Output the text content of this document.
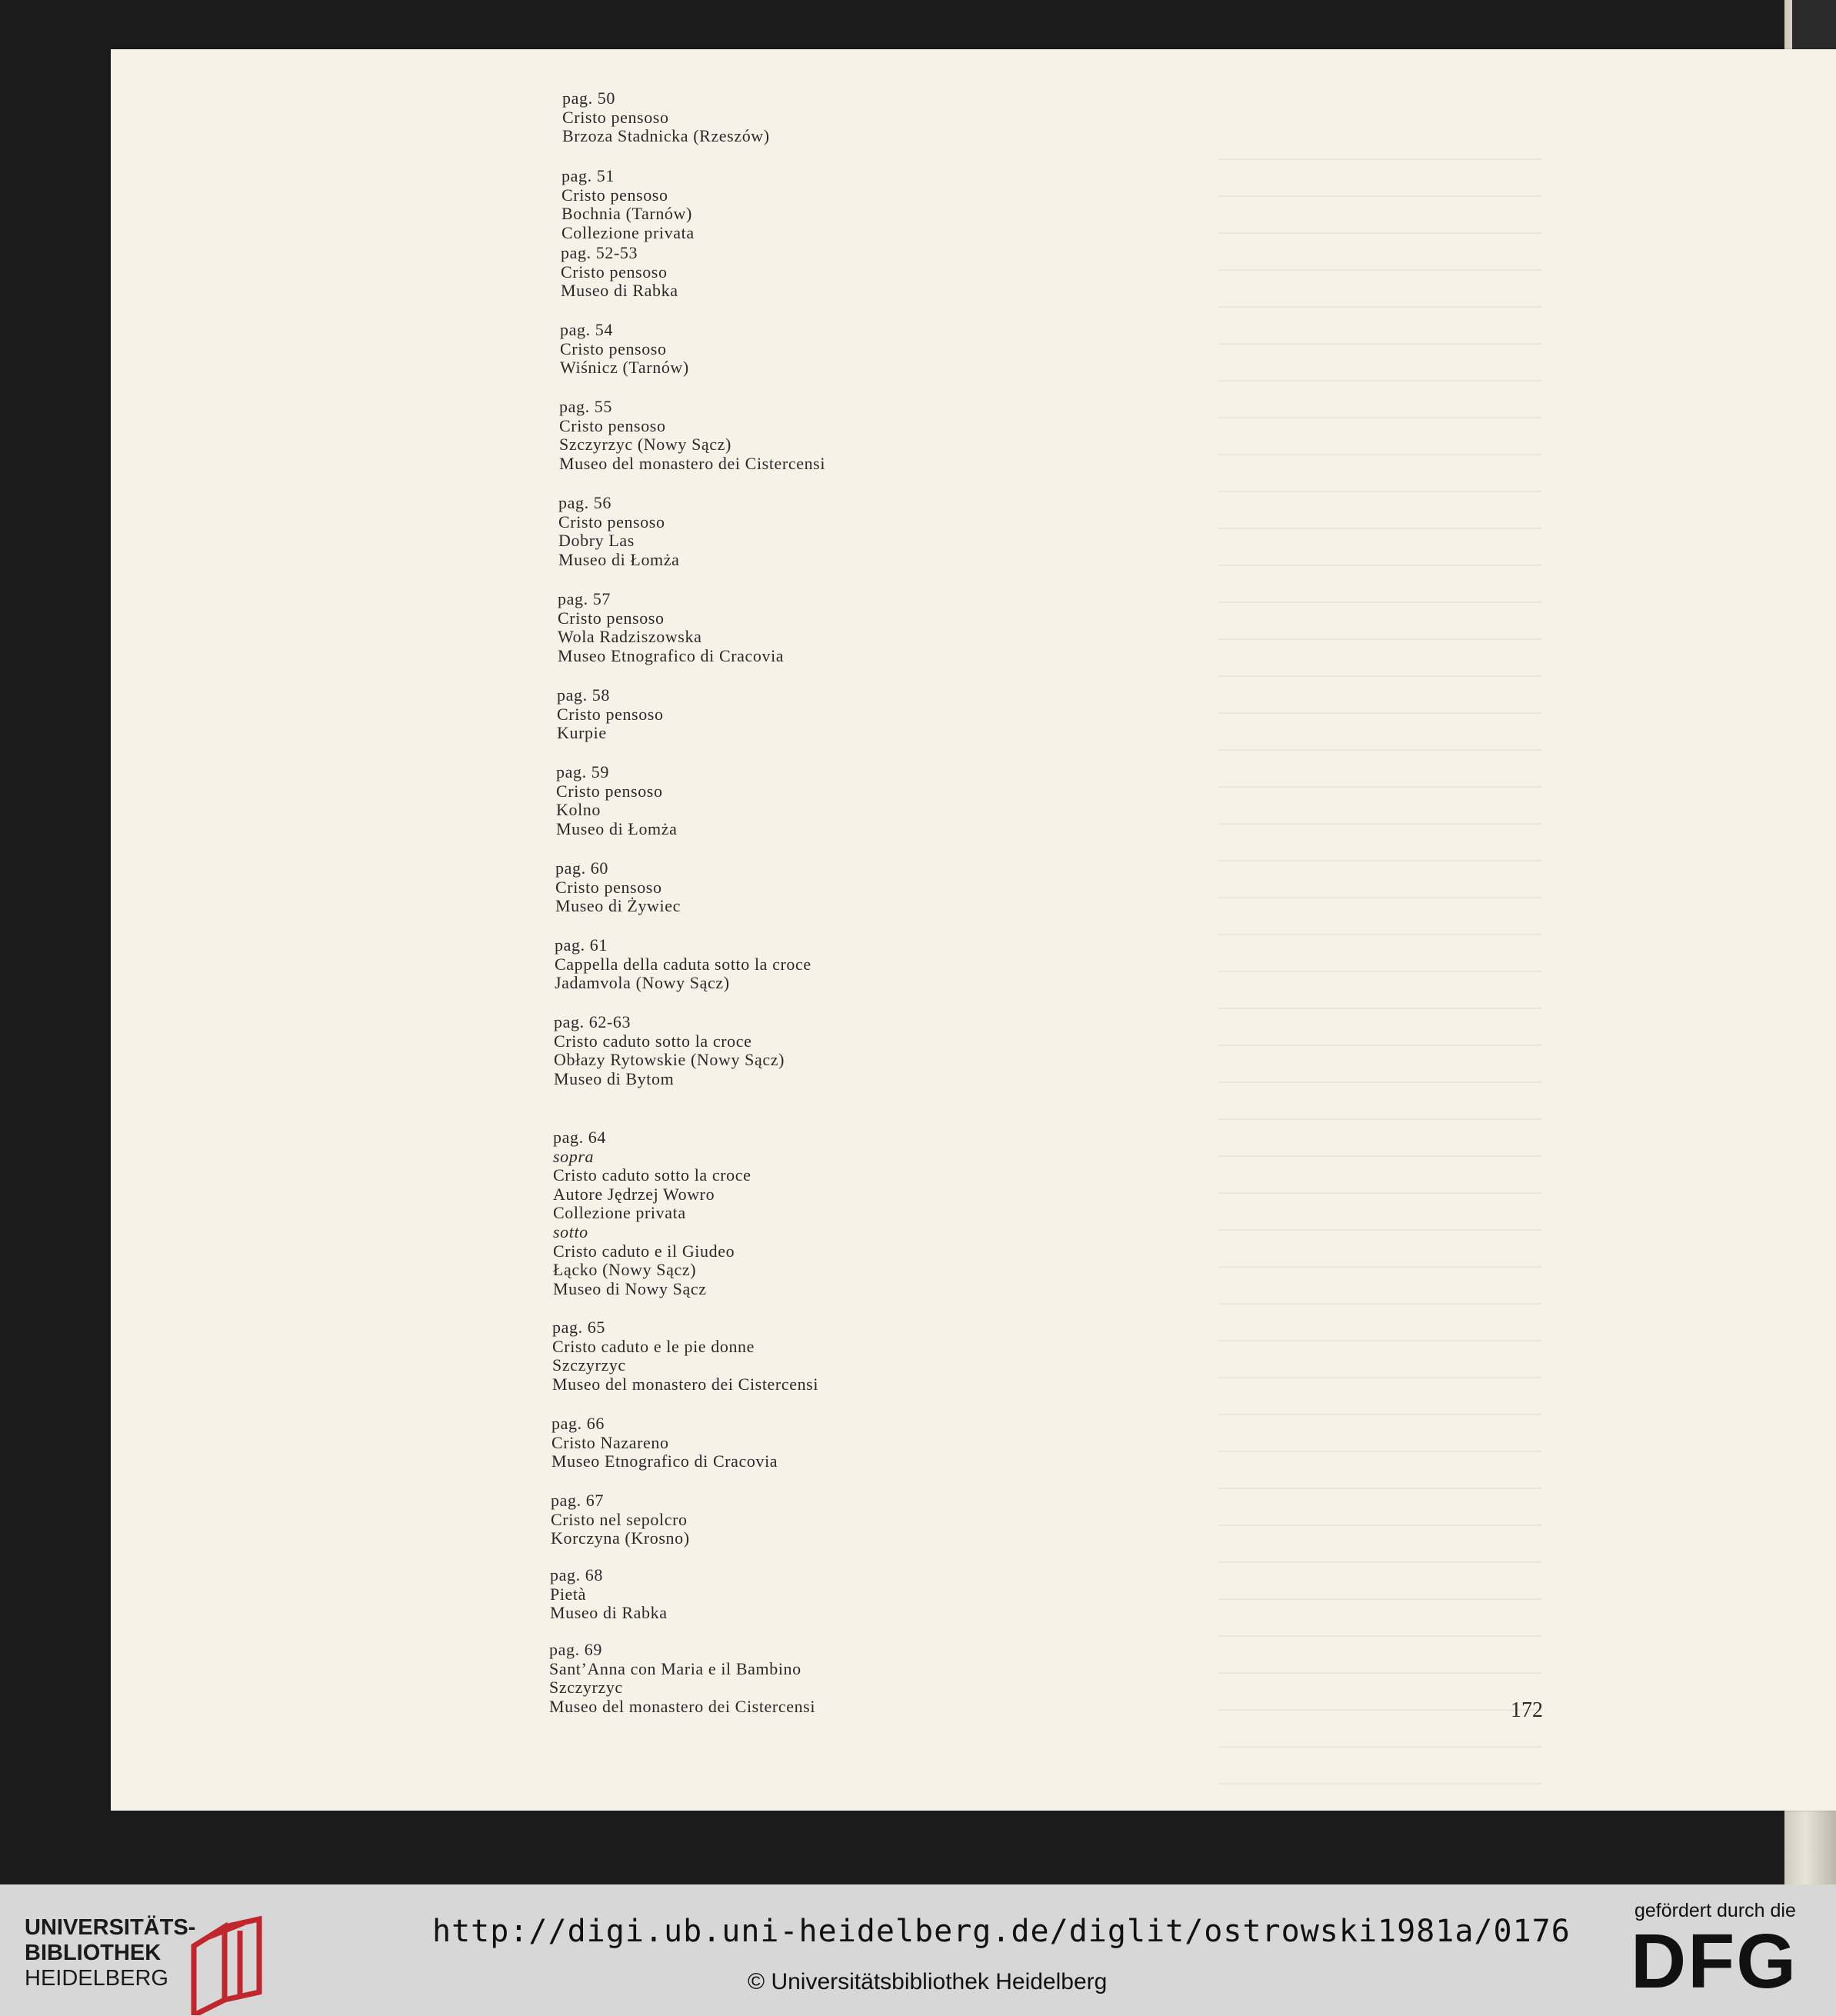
pag. 50
Cristo pensoso
Brzoza Stadnicka (Rzeszów)
pag. 51
Cristo pensoso
Bochnia (Tarnów)
Collezione privata
pag. 52-53
Cristo pensoso
Museo di Rabka
pag. 54
Cristo pensoso
Wiśnicz (Tarnów)
pag. 55
Cristo pensoso
Szczyrzyc (Nowy Sącz)
Museo del monastero dei Cistercensi
pag. 56
Cristo pensoso
Dobry Las
Museo di Łomża
pag. 57
Cristo pensoso
Wola Radziszowska
Museo Etnografico di Cracovia
pag. 58
Cristo pensoso
Kurpie
pag. 59
Cristo pensoso
Kolno
Museo di Łomża
pag. 60
Cristo pensoso
Museo di Żywiec
pag. 61
Cappella della caduta sotto la croce
Jadamvola (Nowy Sącz)
pag. 62-63
Cristo caduto sotto la croce
Obłazy Rytowskie (Nowy Sącz)
Museo di Bytom
pag. 64
sopra
Cristo caduto sotto la croce
Autore Jędrzej Wowro
Collezione privata
sotto
Cristo caduto e il Giudeo
Łącko (Nowy Sącz)
Museo di Nowy Sącz
pag. 65
Cristo caduto e le pie donne
Szczyrzyc
Museo del monastero dei Cistercensi
pag. 66
Cristo Nazareno
Museo Etnografico di Cracovia
pag. 67
Cristo nel sepolcro
Korczyna (Krosno)
pag. 68
Pietà
Museo di Rabka
pag. 69
Sant’Anna con Maria e il Bambino
Szczyrzyc
Museo del monastero dei Cistercensi	172
UNIVERSITÄTS-
BIBLIOTHEK
HEIDELBERG
http://digi.ub.uni-heidelberg.de/diglit/ostrowski1981a/0176
© Universitätsbibliothek Heidelberg
gefördert durch die
DFG
